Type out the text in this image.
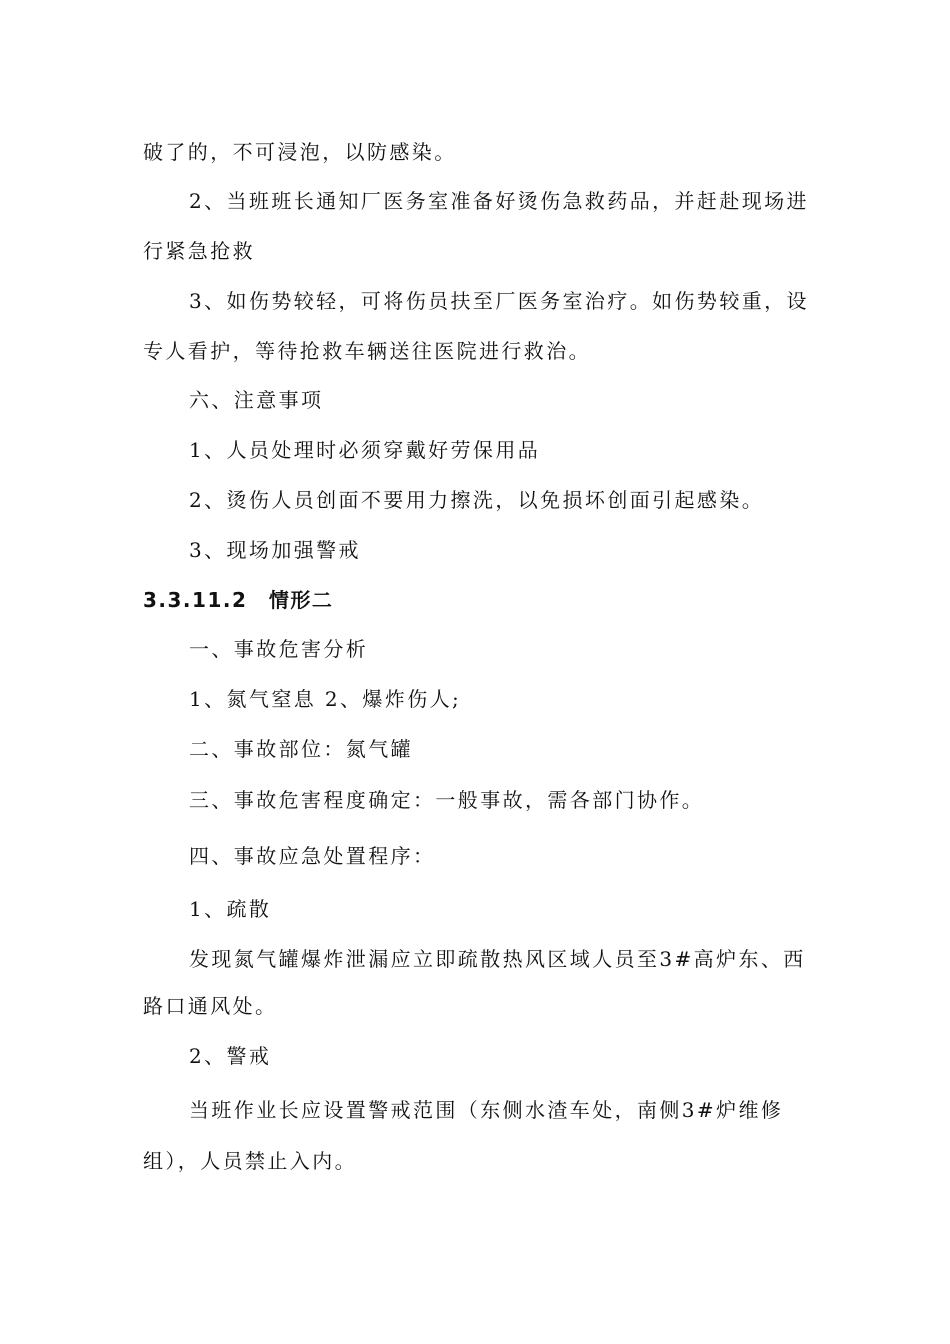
破了的，不可浸泡，以防感染。
2、当班班长通知厂医务室准备好烫伤急救药品，并赶赴现场进
行紧急抢救
3、如伤势较轻，可将伤员扶至厂医务室治疗。如伤势较重，设
专人看护，等待抢救车辆送往医院进行救治。
六、注意事项
1、人员处理时必须穿戴好劳保用品
2、烫伤人员创面不要用力擦洗，以免损坏创面引起感染。
3、现场加强警戒
3.3.11.2　情形二
一、事故危害分析
1、氮气窒息 2、爆炸伤人;
二、事故部位：氮气罐
三、事故危害程度确定：一般事故，需各部门协作。
四、事故应急处置程序：
1、疏散
发现氮气罐爆炸泄漏应立即疏散热风区域人员至3#高炉东、西
路口通风处。
2、警戒
当班作业长应设置警戒范围（东侧水渣车处，南侧3#炉维修
组），人员禁止入内。
